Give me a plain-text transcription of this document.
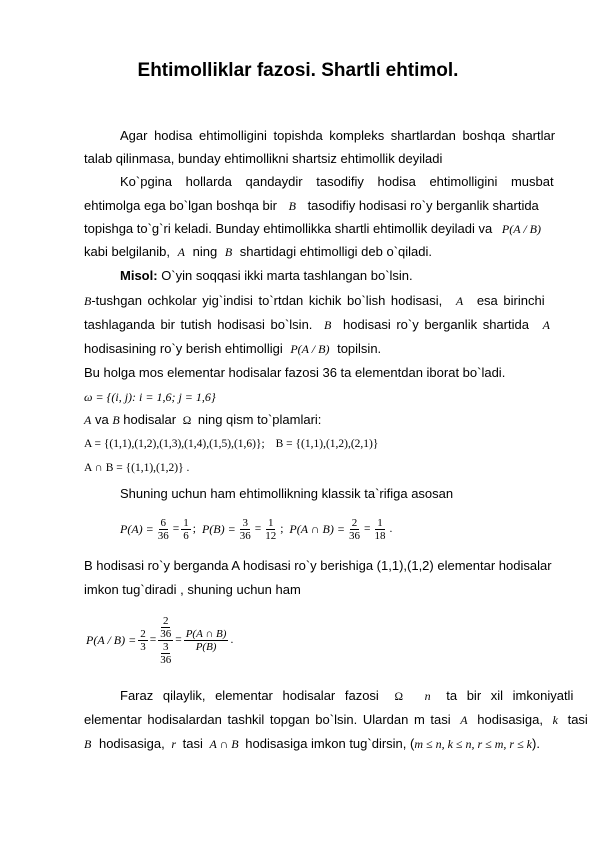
Ehtimolliklar fazosi. Shartli ehtimol.
Agar hodisa ehtimolligini topishda kompleks shartlardan boshqa shartlar
talab qilinmasa, bunday ehtimollikni shartsiz ehtimollik deyiladi
Ko`pgina hollarda qandaydir tasodifiy hodisa ehtimolligini musbat
ehtimolga ega bo`lgan boshqa bir B tasodifiy hodisasi ro`y berganlik shartida
topishga to`g`ri keladi. Bunday ehtimollikka shartli ehtimollik deyiladi va P(A / B)
kabi belgilanib, A ning B shartidagi ehtimolligi deb o`qiladi.
Misol: O`yin soqqasi ikki marta tashlangan bo`lsin.
B-tushgan ochkolar yig`indisi to`rtdan kichik bo`lish hodisasi, A esa birinchi
tashlaganda bir tutish hodisasi bo`lsin. B hodisasi ro`y berganlik shartida A
hodisasining ro`y berish ehtimolligi P(A / B) topilsin.
Bu holga mos elementar hodisalar fazosi 36 ta elementdan iborat bo`ladi.
ω = {(i, j): i = 1,6; j = 1,6}
A va B hodisalar Ω ning qism to`plamlari:
A = {(1,1),(1,2),(1,3),(1,4),(1,5),(1,6)}; B = {(1,1),(1,2),(2,1)}
A ∩ B = {(1,1),(1,2)} .
Shuning uchun ham ehtimollikning klassik ta`rifiga asosan
$P(A) = \frac{6}{36} = \frac{1}{6}$ ; $P(B) = \frac{3}{36} = \frac{1}{12}$ ; P(A ∩ $B) = \frac{2}{36} = \frac{1}{18}$ .
B hodisasi ro`y berganda A hodisasi ro`y berishiga (1,1),(1,2) elementar hodisalar
imkon tug`diradi , shuning uchun ham
$P(A / B) = \frac{2}{3} = 2$
36
3
$36 = \frac{P(A \cap B)}{P(B)}$ .
Faraz qilaylik, elementar hodisalar fazosi Ω n ta bir xil imkoniyatli
elementar hodisalardan tashkil topgan bo`lsin. Ulardan m tasi A hodisasiga, k tasi
B hodisasiga, r tasi A ∩ B hodisasiga imkon tug`dirsin, (m ≤ n, k ≤ n, r ≤ m, r ≤ k).
